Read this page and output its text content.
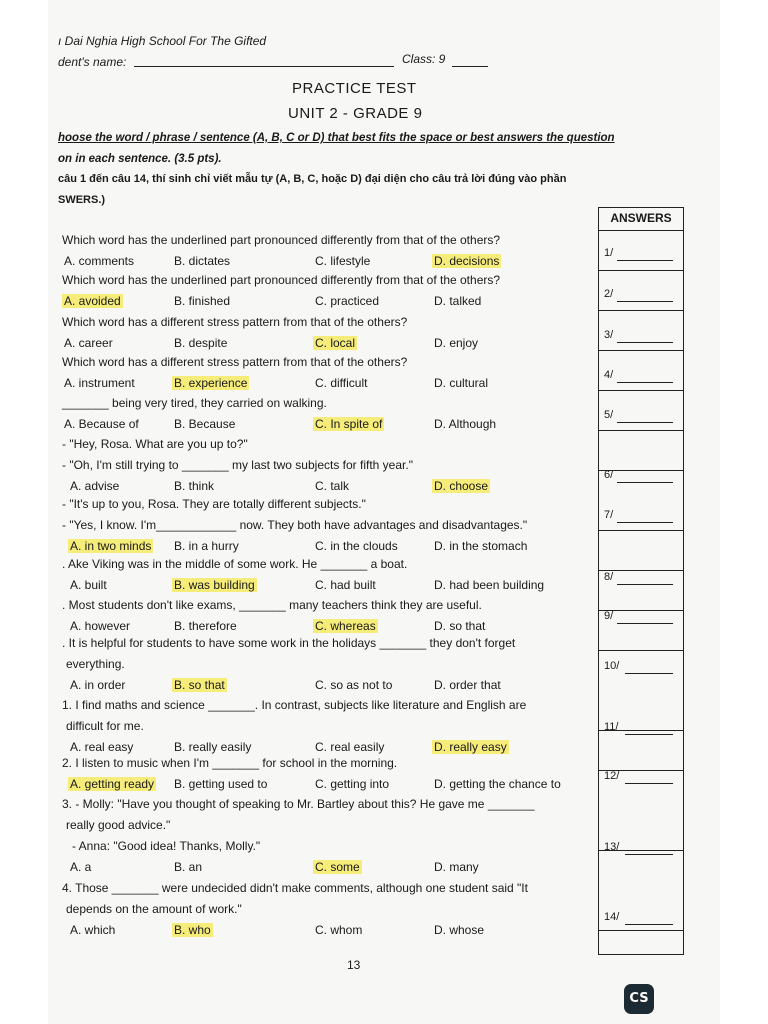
ı Dai Nghia High School For The Gifted
dent's name:	Class: 9
PRACTICE TEST
UNIT 2 - GRADE 9
hoose the word / phrase / sentence (A, B, C or D) that best fits the space or best answers the question
on in each sentence. (3.5 pts).
câu 1 đến câu 14, thí sinh chỉ viết mẫu tự (A, B, C, hoặc D) đại diện cho câu trả lời đúng vào phần
SWERS.)
ANSWERS
1/
2/
3/
4/
5/
6/
7/
8/
9/
10/
11/
12/
13/
14/
Which word has the underlined part pronounced differently from that of the others?
A. comments	B. dictates	C. lifestyle	D. decisions
Which word has the underlined part pronounced differently from that of the others?
A. avoided	B. finished	C. practiced	D. talked
Which word has a different stress pattern from that of the others?
A. career	B. despite	C. local	D. enjoy
Which word has a different stress pattern from that of the others?
A. instrument	B. experience	C. difficult	D. cultural
_______ being very tired, they carried on walking.
A. Because of	B. Because	C. In spite of	D. Although
- "Hey, Rosa. What are you up to?"
- "Oh, I'm still trying to _______ my last two subjects for fifth year."
A. advise	B. think	C. talk	D. choose
- "It's up to you, Rosa. They are totally different subjects."
- "Yes, I know. I'm____________ now. They both have advantages and disadvantages."
A. in two minds B. in a hurry	C. in the clouds	D. in the stomach
. Ake Viking was in the middle of some work. He _______ a boat.
A. built	B. was building	C. had built	D. had been building
. Most students don't like exams, _______ many teachers think they are useful.
A. however	B. therefore	C. whereas	D. so that
. It is helpful for students to have some work in the holidays _______ they don't forget
everything.
A. in order	B. so that	C. so as not to	D. order that
1. I find maths and science _______. In contrast, subjects like literature and English are
difficult for me.
A. real easy	B. really easily	C. real easily	D. really easy
2. I listen to music when I'm _______ for school in the morning.
A. getting ready B. getting used to	C. getting into	D. getting the chance to
3. - Molly: "Have you thought of speaking to Mr. Bartley about this? He gave me _______
really good advice."
- Anna: "Good idea! Thanks, Molly."
A. a	B. an	C. some	D. many
4. Those _______ were undecided didn't make comments, although one student said "It
depends on the amount of work."
A. which	B. who	C. whom	D. whose
13
CS
